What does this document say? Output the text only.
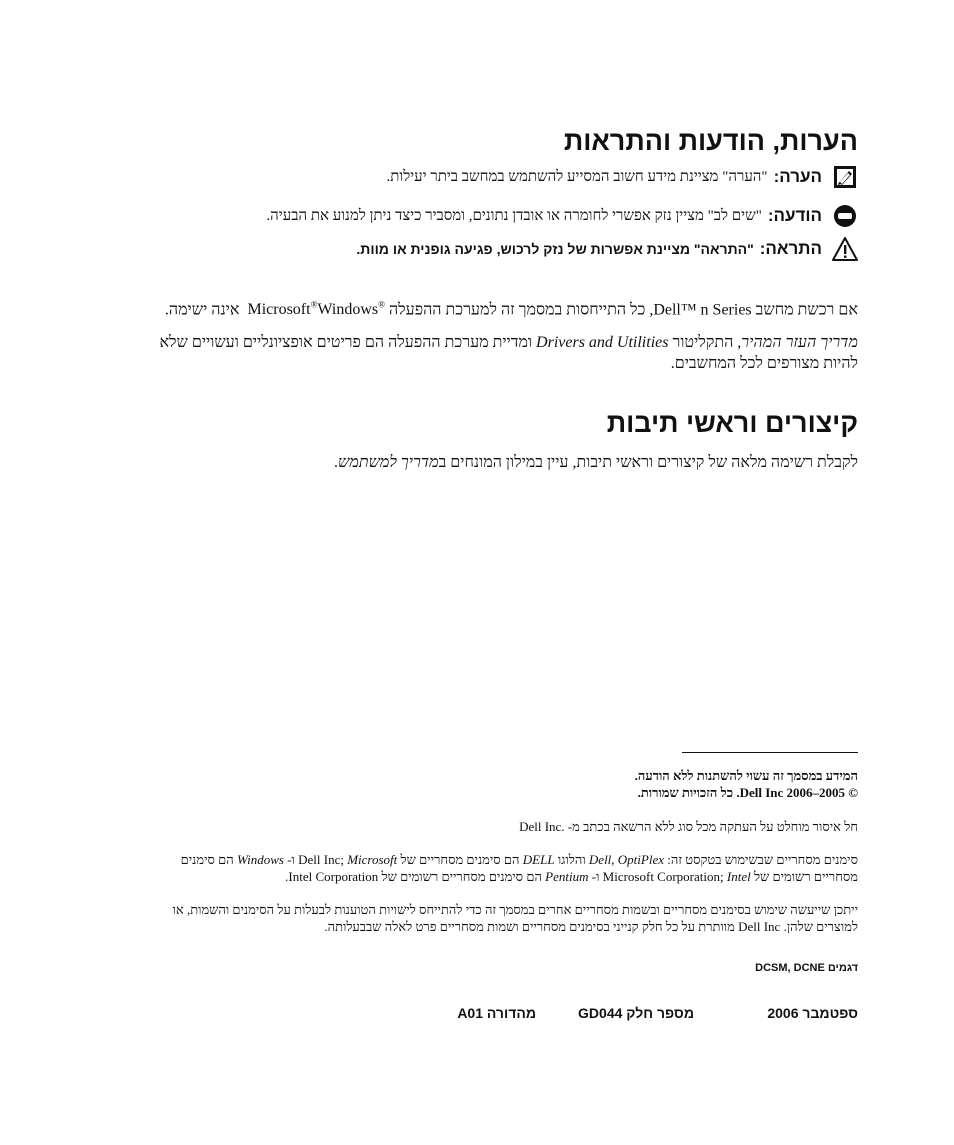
הערות, הודעות והתראות
הערה:
"הערה" מציינת מידע חשוב המסייע להשתמש במחשב ביתר יעילות.
הודעה:
"שים לב" מציין נזק אפשרי לחומרה או אובדן נתונים, ומסביר כיצד ניתן למנוע את הבעיה.
התראה:
"התראה" מציינת אפשרות של נזק לרכוש, פגיעה גופנית או מוות.
אם רכשת מחשב Dell™ n Series, כל התייחסות במסמך זה למערכת ההפעלה Windows® Microsoft® אינה ישימה.
מדריך העזר המהיר, התקליטור Drivers and Utilities ומדיית מערכת ההפעלה הם פריטים אופציונליים ועשויים שלא
להיות מצורפים לכל המחשבים.
קיצורים וראשי תיבות
לקבלת רשימה מלאה של קיצורים וראשי תיבות, עיין במילון המונחים במדריך למשתמש.
המידע במסמך זה עשוי להשתנות ללא הודעה.
© 2005–2006 Dell Inc. כל הזכויות שמורות.
חל איסור מוחלט על העתקה מכל סוג ללא הרשאה בכתב מ- .Dell Inc
סימנים מסחריים שבשימוש בטקסט זה: Dell, OptiPlex והלוגו DELL הם סימנים מסחריים של Dell Inc; Microsoft ו- Windows הם סימנים
מסחריים רשומים של Microsoft Corporation; Intel ו- Pentium הם סימנים מסחריים רשומים של Intel Corporation.
ייתכן שייעשה שימוש בסימנים מסחריים ובשמות מסחריים אחרים במסמך זה כדי להתייחס לישויות הטוענות לבעלות על הסימנים והשמות, או
למוצרים שלהן. Dell Inc מוותרת על כל חלק קנייני בסימנים מסחריים ושמות מסחריים פרט לאלה שבבעלותה.
דגמים DCSM, DCNE
ספטמבר 2006
מספר חלק GD044
מהדורה A01
